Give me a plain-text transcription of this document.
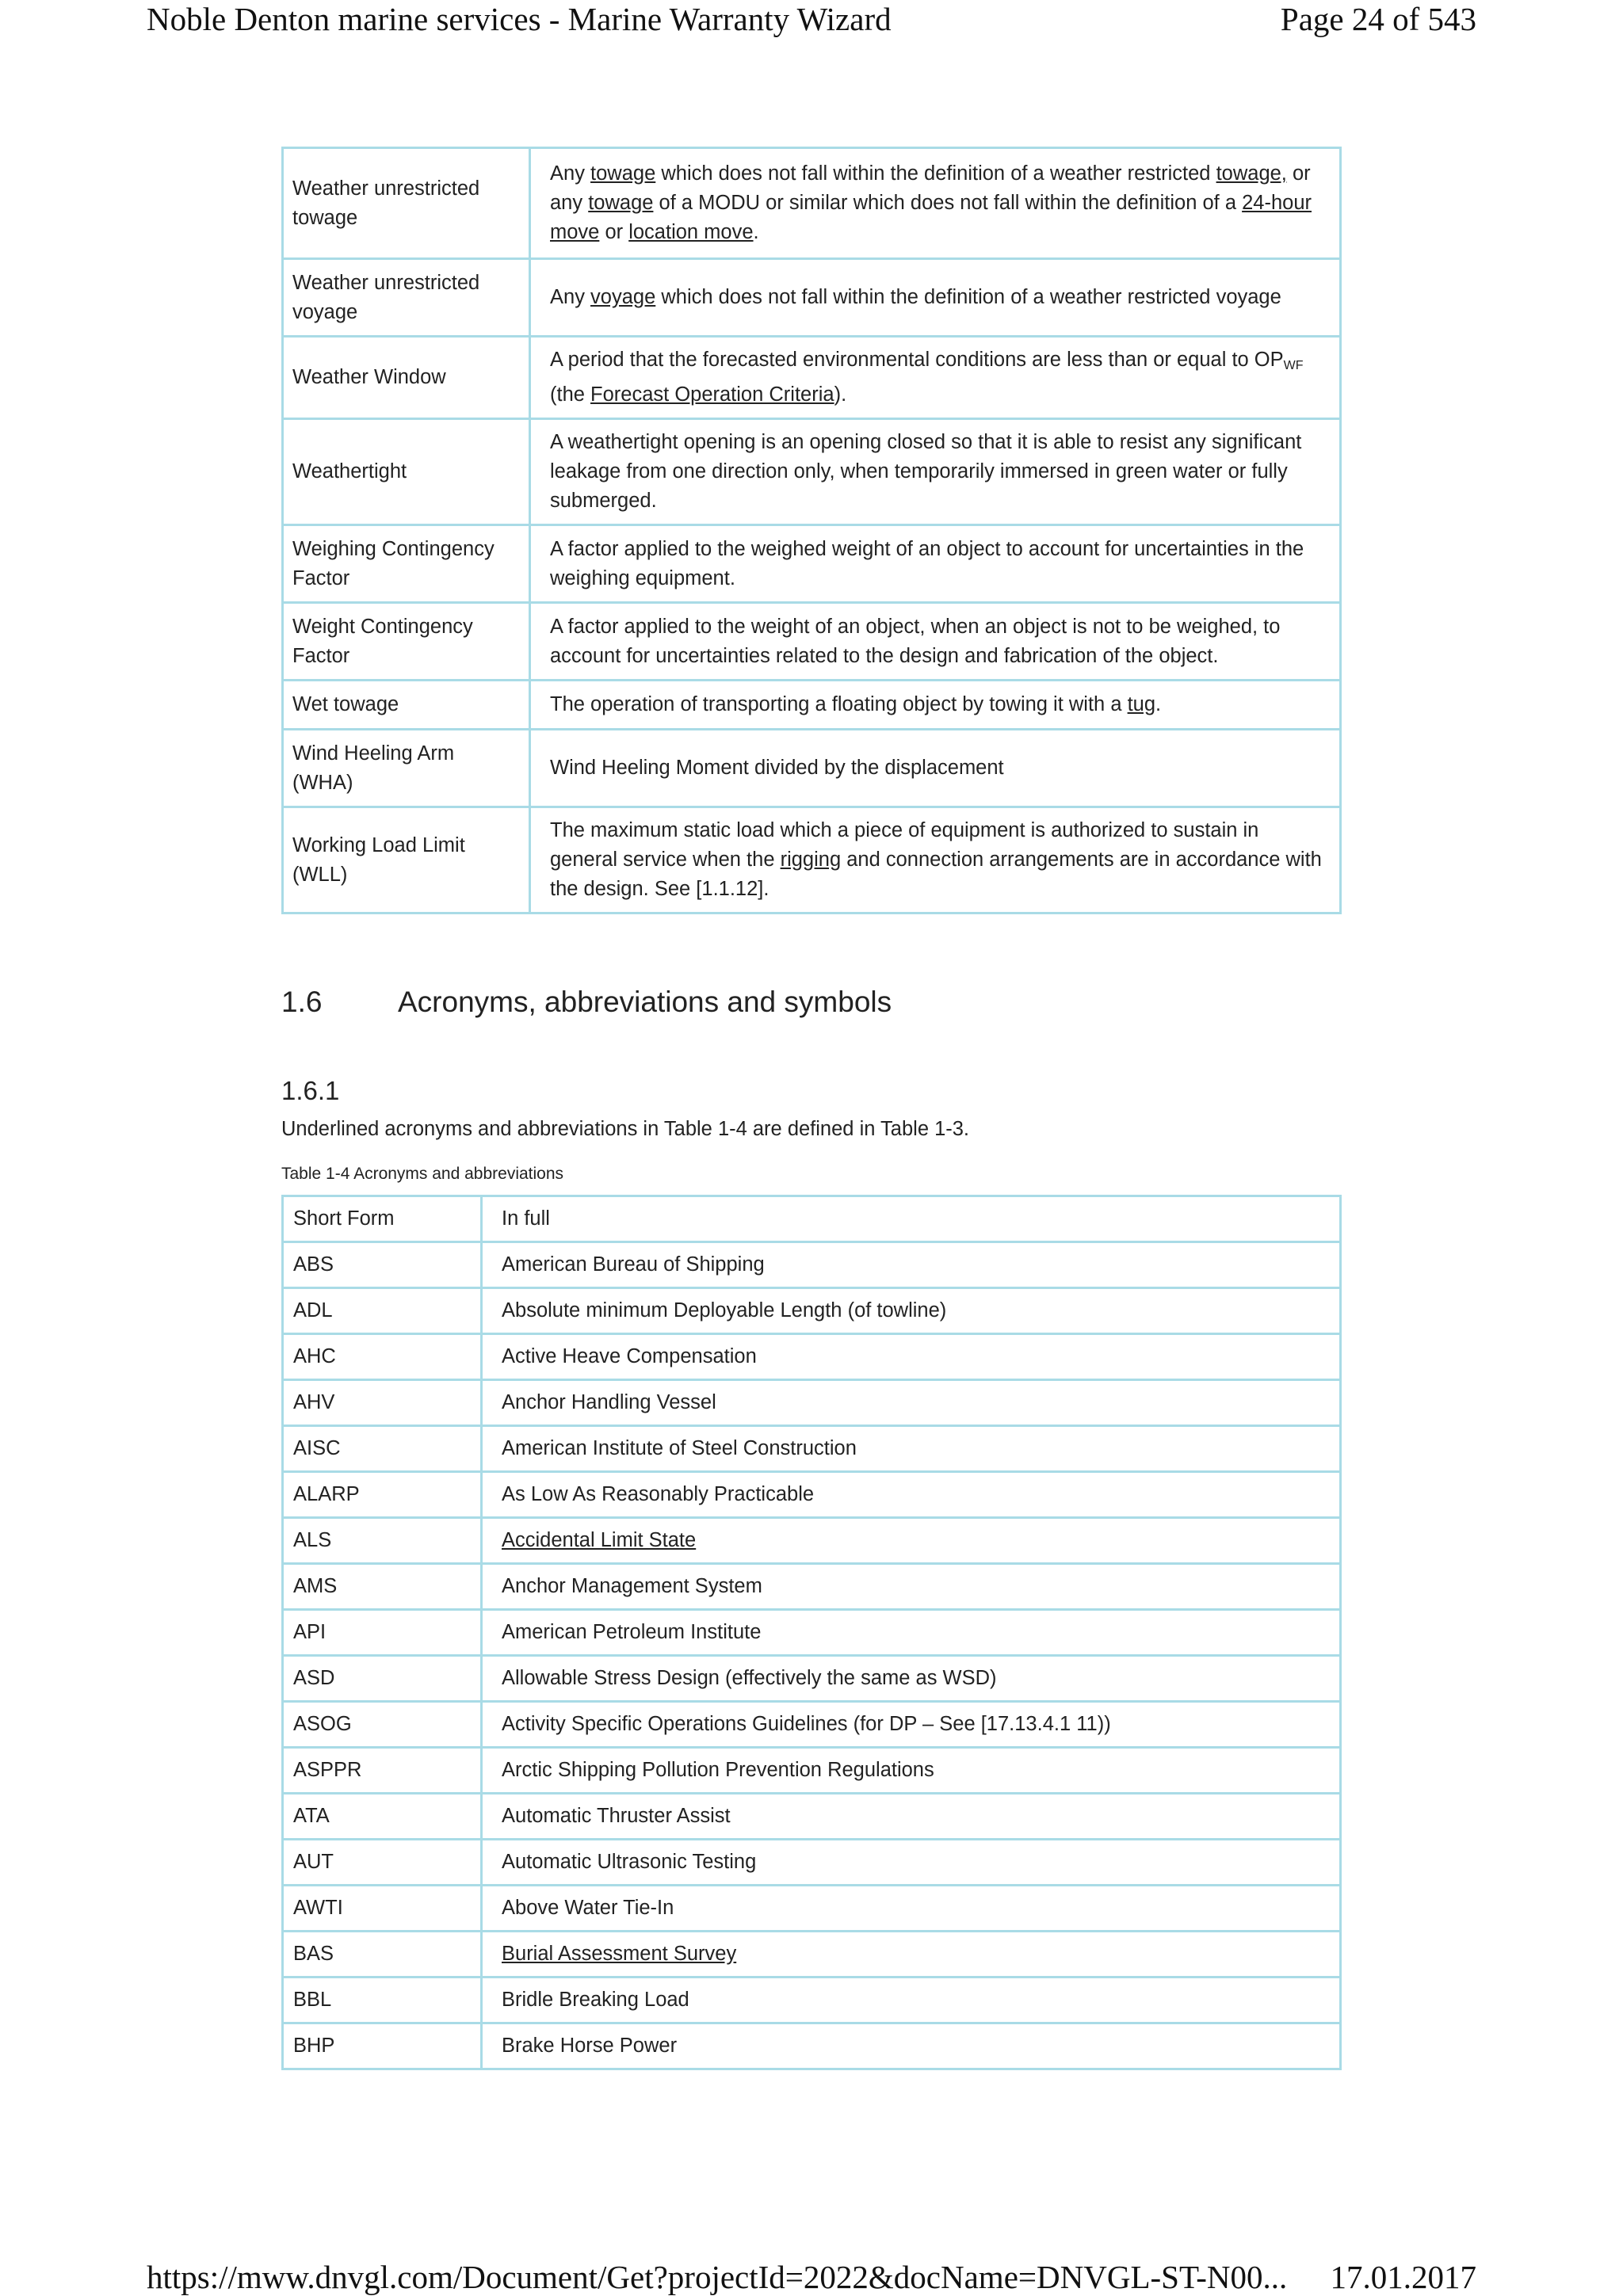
Noble Denton marine services - Marine Warranty Wizard	Page 24 of 543
Weather unrestricted towage	Any towage which does not fall within the definition of a weather restricted towage, or any towage of a MODU or similar which does not fall within the definition of a 24-hour move or location move.
Weather unrestricted voyage	Any voyage which does not fall within the definition of a weather restricted voyage
Weather Window	A period that the forecasted environmental conditions are less than or equal to $OP_{WF}$ (the Forecast Operation Criteria).
Weathertight	A weathertight opening is an opening closed so that it is able to resist any significant leakage from one direction only, when temporarily immersed in green water or fully submerged.
Weighing Contingency Factor	A factor applied to the weighed weight of an object to account for uncertainties in the weighing equipment.
Weight Contingency Factor	A factor applied to the weight of an object, when an object is not to be weighed, to account for uncertainties related to the design and fabrication of the object.
Wet towage	The operation of transporting a floating object by towing it with a tug.
Wind Heeling Arm (WHA)	Wind Heeling Moment divided by the displacement
Working Load Limit (WLL)	The maximum static load which a piece of equipment is authorized to sustain in general service when the rigging and connection arrangements are in accordance with the design. See [1.1.12].
1.6	Acronyms, abbreviations and symbols
1.6.1
Underlined acronyms and abbreviations in Table 1-4 are defined in Table 1-3.
Table 1-4 Acronyms and abbreviations
Short Form	In full
ABS	American Bureau of Shipping
ADL	Absolute minimum Deployable Length (of towline)
AHC	Active Heave Compensation
AHV	Anchor Handling Vessel
AISC	American Institute of Steel Construction
ALARP	As Low As Reasonably Practicable
ALS	Accidental Limit State
AMS	Anchor Management System
API	American Petroleum Institute
ASD	Allowable Stress Design (effectively the same as WSD)
ASOG	Activity Specific Operations Guidelines (for DP – See [17.13.4.1 11))
ASPPR	Arctic Shipping Pollution Prevention Regulations
ATA	Automatic Thruster Assist
AUT	Automatic Ultrasonic Testing
AWTI	Above Water Tie-In
BAS	Burial Assessment Survey
BBL	Bridle Breaking Load
BHP	Brake Horse Power
https://mww.dnvgl.com/Document/Get?projectId=2022&docName=DNVGL-ST-N00... 17.01.2017
